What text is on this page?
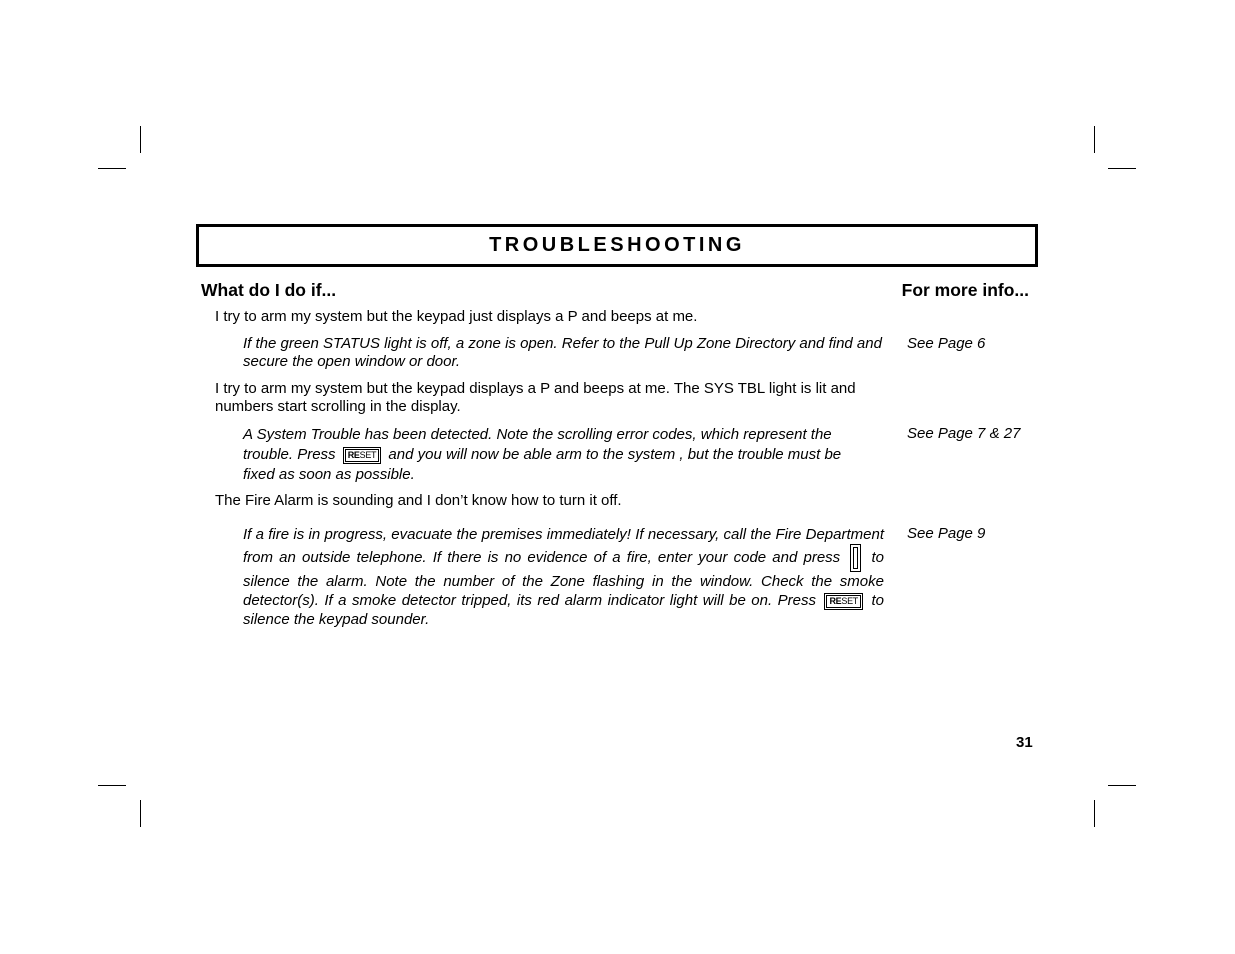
TROUBLESHOOTING
What do I do if...	For more info...
I try to arm my system but the keypad just displays a P and beeps at me.
If the green STATUS light is off, a zone is open. Refer to the Pull Up Zone Directory and find and secure the open window or door.
See Page 6
I try to arm my system but the keypad displays a P and beeps at me. The SYS TBL light is lit and numbers start scrolling in the display.
A System Trouble has been detected. Note the scrolling error codes, which represent the trouble. Press RESET and you will now be able arm to the system , but the trouble must be fixed as soon as possible.
See Page 7 & 27
The Fire Alarm is sounding and I don’t know how to turn it off.
If a fire is in progress, evacuate the premises immediately! If necessary, call the Fire Department from an outside telephone. If there is no evidence of a fire, enter your code and press to silence the alarm. Note the number of the Zone flashing in the window. Check the smoke detector(s). If a smoke detector tripped, its red alarm indicator light will be on. Press RESET to silence the keypad sounder.
See Page 9
31
